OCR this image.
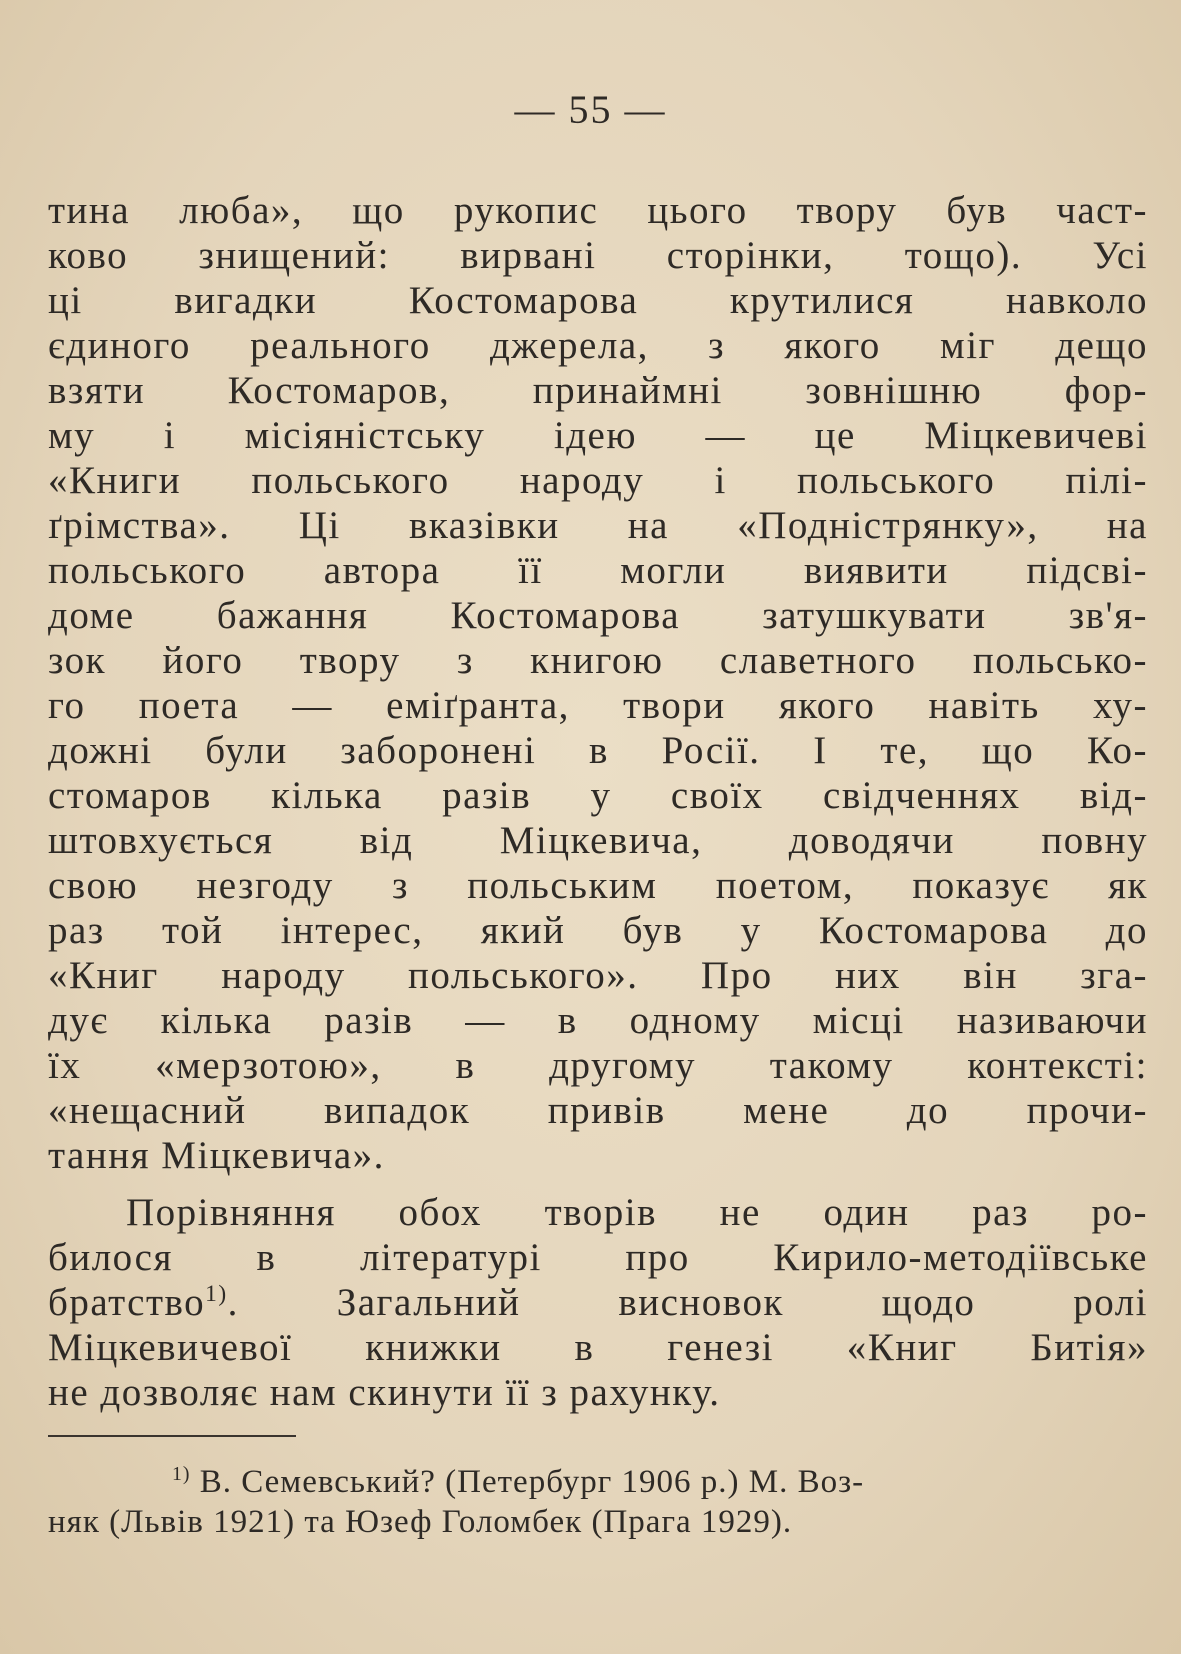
— 55 —
тина люба», що рукопис цього твору був част-
ково знищений: вирвані сторінки, тощо). Усі
ці вигадки Костомарова крутилися навколо
єдиного реального джерела, з якого міг дещо
взяти Костомаров, принаймні зовнішню фор-
му і місіяністську ідею — це Міцкевичеві
«Книги польського народу і польського пілі-
ґрімства». Ці вказівки на «Подністрянку», на
польського автора її могли виявити підсві-
доме бажання Костомарова затушкувати зв'я-
зок його твору з книгою славетного польсько-
го поета — еміґранта, твори якого навіть ху-
дожні були заборонені в Росії. І те, що Ко-
стомаров кілька разів у своїх свідченнях від-
штовхується від Міцкевича, доводячи повну
свою незгоду з польським поетом, показує як
раз той інтерес, який був у Костомарова до
«Книг народу польського». Про них він зга-
дує кілька разів — в одному місці називаючи
їх «мерзотою», в другому такому контексті:
«нещасний випадок привів мене до прочи-
тання Міцкевича».
Порівняння обох творів не один раз ро-
билося в літературі про Кирило-методіївське
братство$^{1)}$. Загальний висновок щодо ролі
Міцкевичевої книжки в генезі «Книг Битія»
не дозволяє нам скинути її з рахунку.
$^{1)}$ В. Семевський? (Петербург 1906 р.) М. Воз-
няк (Львів 1921) та Юзеф Голомбек (Прага 1929).
